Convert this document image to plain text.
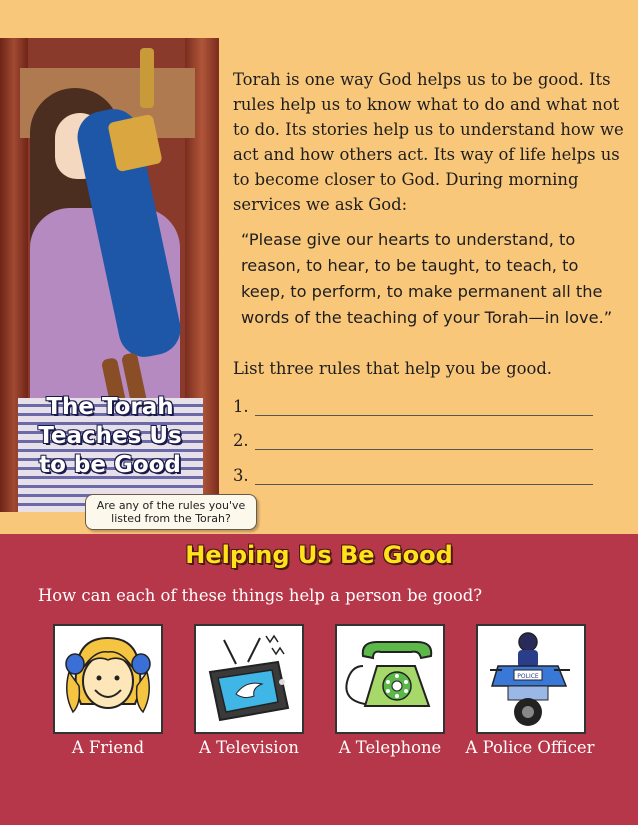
The Torah
Teaches Us
to be Good
Are any of the rules you've listed from the Torah?

Torah is one way God helps us to be good. Its rules help us to know what to do and what not to do. Its stories help us to understand how we act and how others act. Its way of life helps us to become closer to God. During morning services we ask God:

“Please give our hearts to understand, to reason, to hear, to be taught, to teach, to keep, to perform, to make permanent all the words of the teaching of your Torah—in love.”

List three rules that help you be good.

1.
2.
3.
Helping Us Be Good
How can each of these things help a person be good?
A Friend	A Television	A Telephone
POLICE
A Police Officer
